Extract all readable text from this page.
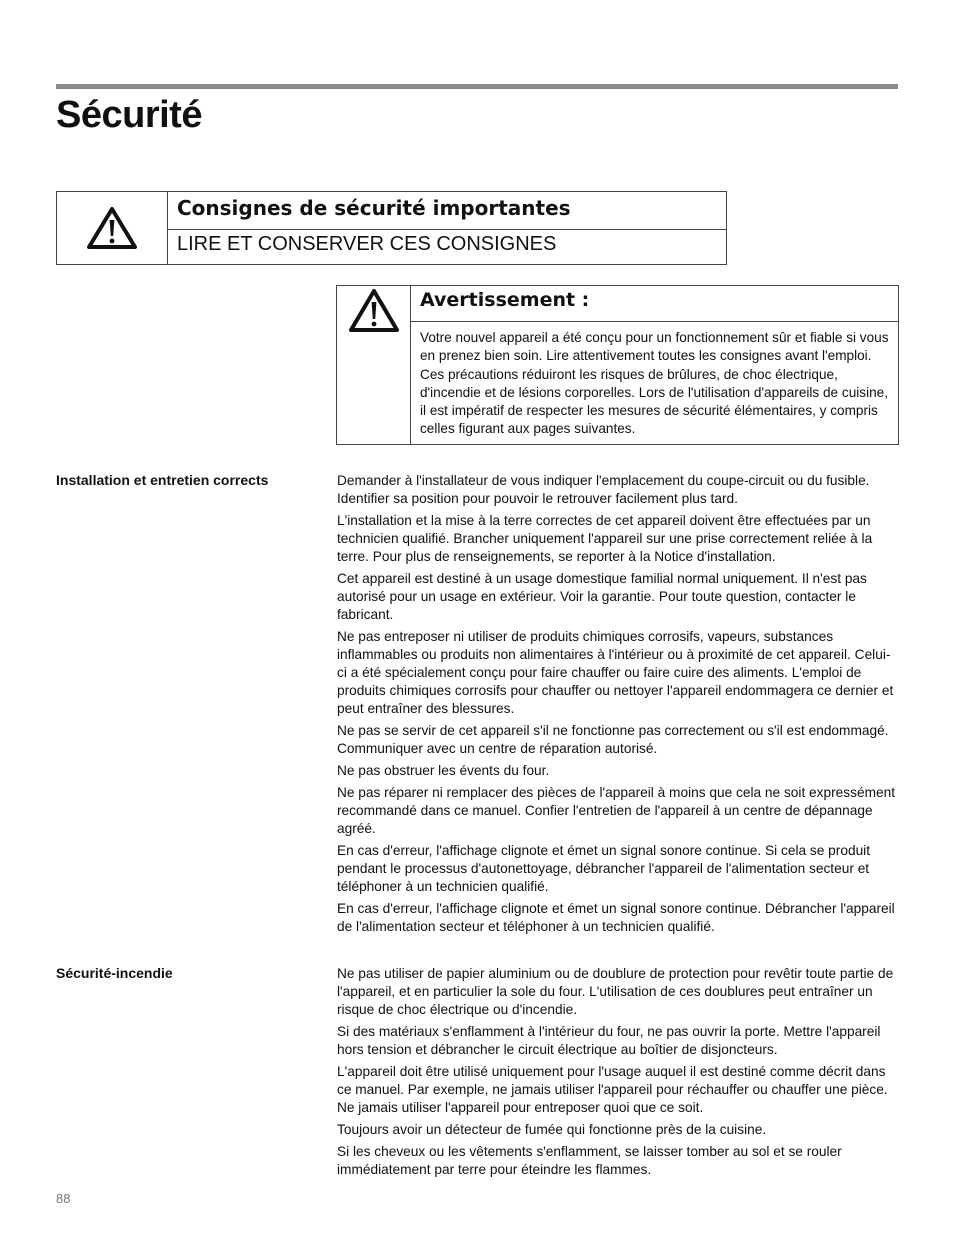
Sécurité
Consignes de sécurité importantes
LIRE ET CONSERVER CES CONSIGNES
Avertissement :
Votre nouvel appareil a été conçu pour un fonctionnement sûr et fiable si vous en prenez bien soin. Lire attentivement toutes les consignes avant l'emploi. Ces précautions réduiront les risques de brûlures, de choc électrique, d'incendie et de lésions corporelles. Lors de l'utilisation d'appareils de cuisine, il est impératif de respecter les mesures de sécurité élémentaires, y compris celles figurant aux pages suivantes.
Installation et entretien corrects	Demander à l'installateur de vous indiquer l'emplacement du coupe-circuit ou du fusible. Identifier sa position pour pouvoir le retrouver facilement plus tard.

L'installation et la mise à la terre correctes de cet appareil doivent être effectuées par un technicien qualifié. Brancher uniquement l'appareil sur une prise correctement reliée à la terre. Pour plus de renseignements, se reporter à la Notice d'installation.

Cet appareil est destiné à un usage domestique familial normal uniquement. Il n'est pas autorisé pour un usage en extérieur. Voir la garantie. Pour toute question, contacter le fabricant.

Ne pas entreposer ni utiliser de produits chimiques corrosifs, vapeurs, substances inflammables ou produits non alimentaires à l'intérieur ou à proximité de cet appareil. Celui-ci a été spécialement conçu pour faire chauffer ou faire cuire des aliments. L'emploi de produits chimiques corrosifs pour chauffer ou nettoyer l'appareil endommagera ce dernier et peut entraîner des blessures.

Ne pas se servir de cet appareil s'il ne fonctionne pas correctement ou s'il est endommagé. Communiquer avec un centre de réparation autorisé.

Ne pas obstruer les évents du four.

Ne pas réparer ni remplacer des pièces de l'appareil à moins que cela ne soit expressément recommandé dans ce manuel. Confier l'entretien de l'appareil à un centre de dépannage agréé.

En cas d'erreur, l'affichage clignote et émet un signal sonore continue. Si cela se produit pendant le processus d'autonettoyage, débrancher l'appareil de l'alimentation secteur et téléphoner à un technicien qualifié.

En cas d'erreur, l'affichage clignote et émet un signal sonore continue. Débrancher l'appareil de l'alimentation secteur et téléphoner à un technicien qualifié.

Sécurité-incendie	Ne pas utiliser de papier aluminium ou de doublure de protection pour revêtir toute partie de l'appareil, et en particulier la sole du four. L'utilisation de ces doublures peut entraîner un risque de choc électrique ou d'incendie.

Si des matériaux s'enflamment à l'intérieur du four, ne pas ouvrir la porte. Mettre l'appareil hors tension et débrancher le circuit électrique au boîtier de disjoncteurs.

L'appareil doit être utilisé uniquement pour l'usage auquel il est destiné comme décrit dans ce manuel. Par exemple, ne jamais utiliser l'appareil pour réchauffer ou chauffer une pièce. Ne jamais utiliser l'appareil pour entreposer quoi que ce soit.

Toujours avoir un détecteur de fumée qui fonctionne près de la cuisine.

Si les cheveux ou les vêtements s'enflamment, se laisser tomber au sol et se rouler immédiatement par terre pour éteindre les flammes.

88
